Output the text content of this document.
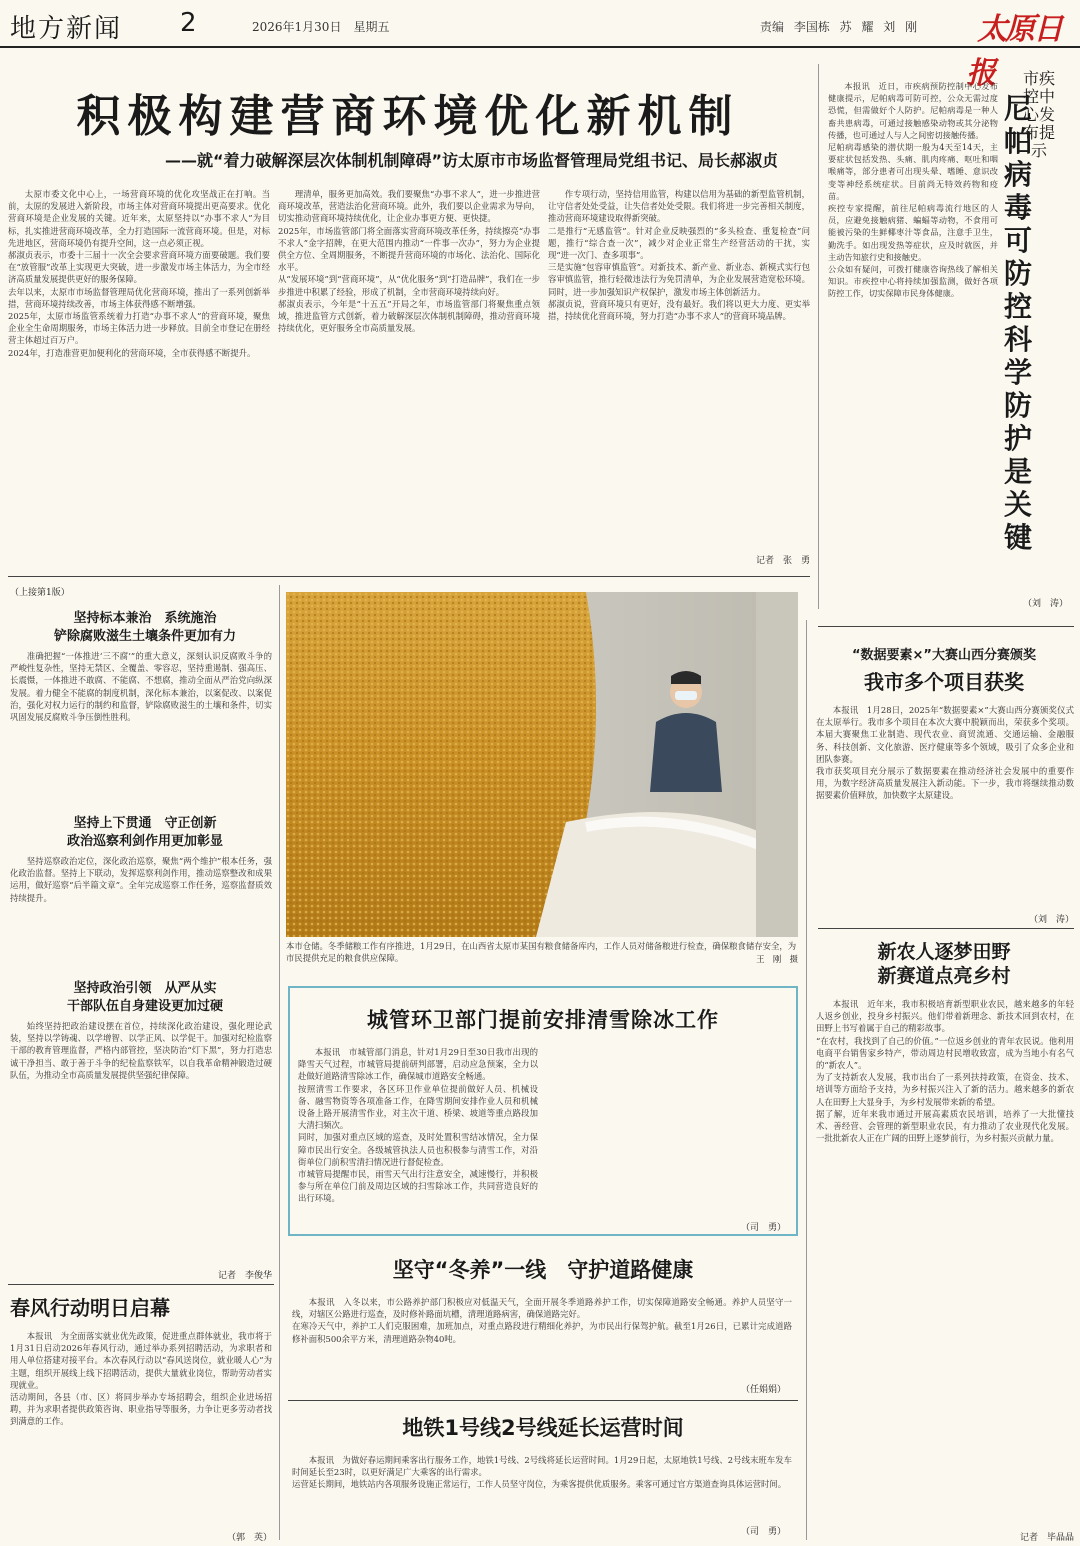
地方新闻 2	2026年1月30日　星期五	责编 李国栋 苏 耀 刘 刚	太原日报
积极构建营商环境优化新机制
——就“着力破解深层次体制机制障碍”访太原市市场监督管理局党组书记、局长郝淑贞
太原市委文化中心上，一场营商环境的优化攻坚战正在打响。当前，太原的发展进入新阶段，市场主体对营商环境提出更高要求。优化营商环境是企业发展的关键。近年来，太原坚持以“办事不求人”为目标，扎实推进营商环境改革，全力打造国际一流营商环境。但是，对标先进地区，营商环境仍有提升空间，这一点必须正视。
郝淑贞表示，市委十三届十一次全会要求营商环境方面要破题。我们要在“放管服”改革上实现更大突破，进一步激发市场主体活力，为全市经济高质量发展提供更好的服务保障。
去年以来，太原市市场监督管理局优化营商环境，推出了一系列创新举措，营商环境持续改善，市场主体获得感不断增强。
2025年，太原市场监管系统着力打造“办事不求人”的营商环境，聚焦企业全生命周期服务，市场主体活力进一步释放。目前全市登记在册经营主体超过百万户。
2024年，打造准营更加便利化的营商环境，全市获得感不断提升。
理清单，服务更加高效。我们要聚焦“办事不求人”，进一步推进营商环境改革，营造法治化营商环境。此外，我们要以企业需求为导向，切实推动营商环境持续优化，让企业办事更方便、更快捷。
2025年，市场监管部门将全面落实营商环境改革任务，持续擦亮“办事不求人”金字招牌，在更大范围内推动“一件事一次办”，努力为企业提供全方位、全周期服务，不断提升营商环境的市场化、法治化、国际化水平。
从“发展环境”到“营商环境”，从“优化服务”到“打造品牌”，我们在一步步推进中积累了经验，形成了机制，全市营商环境持续向好。
郝淑贞表示，今年是“十五五”开局之年，市场监管部门将聚焦重点领域，推进监管方式创新，着力破解深层次体制机制障碍，推动营商环境持续优化，更好服务全市高质量发展。
作专项行动，坚持信用监管，构建以信用为基础的新型监管机制，让守信者处处受益，让失信者处处受限。我们将进一步完善相关制度，推动营商环境建设取得新突破。
二是推行“无感监管”。针对企业反映强烈的“多头检查、重复检查”问题，推行“综合查一次”，减少对企业正常生产经营活动的干扰，实现“进一次门、查多项事”。
三是实施“包容审慎监管”。对新技术、新产业、新业态、新模式实行包容审慎监管，推行轻微违法行为免罚清单，为企业发展营造宽松环境。同时，进一步加强知识产权保护，激发市场主体创新活力。
郝淑贞说，营商环境只有更好，没有最好。我们将以更大力度、更实举措，持续优化营商环境，努力打造“办事不求人”的营商环境品牌。
记者　张　勇
本报讯　近日，市疾病预防控制中心发布健康提示，尼帕病毒可防可控，公众无需过度恐慌，但需做好个人防护。尼帕病毒是一种人畜共患病毒，可通过接触感染动物或其分泌物传播，也可通过人与人之间密切接触传播。
尼帕病毒感染的潜伏期一般为4天至14天，主要症状包括发热、头痛、肌肉疼痛、呕吐和咽喉痛等，部分患者可出现头晕、嗜睡、意识改变等神经系统症状。目前尚无特效药物和疫苗。
疾控专家提醒，前往尼帕病毒流行地区的人员，应避免接触病猪、蝙蝠等动物，不食用可能被污染的生鲜椰枣汁等食品，注意手卫生，勤洗手。如出现发热等症状，应及时就医，并主动告知旅行史和接触史。
公众如有疑问，可拨打健康咨询热线了解相关知识。市疾控中心将持续加强监测，做好各项防控工作，切实保障市民身体健康。
（刘　涛）
市疾控中心发布提示
尼帕病毒可防控　科学防护是关键
（上接第1版）
坚持标本兼治　系统施治
铲除腐败滋生土壤条件更加有力
准确把握“一体推进‘三不腐’”的重大意义，深刻认识反腐败斗争的严峻性复杂性，坚持无禁区、全覆盖、零容忍，坚持重遏制、强高压、长震慑，一体推进不敢腐、不能腐、不想腐，推动全面从严治党向纵深发展。着力健全不能腐的制度机制，深化标本兼治，以案促改、以案促治，强化对权力运行的制约和监督，铲除腐败滋生的土壤和条件，切实巩固发展反腐败斗争压倒性胜利。
坚持上下贯通　守正创新
政治巡察利剑作用更加彰显
坚持巡察政治定位，深化政治巡察，聚焦“两个维护”根本任务，强化政治监督。坚持上下联动，发挥巡察利剑作用，推动巡察整改和成果运用，做好巡察“后半篇文章”。全年完成巡察工作任务，巡察监督质效持续提升。
坚持政治引领　从严从实
干部队伍自身建设更加过硬
始终坚持把政治建设摆在首位，持续深化政治建设，强化理论武装，坚持以学铸魂、以学增智、以学正风、以学促干。加强对纪检监察干部的教育管理监督，严格内部管控，坚决防治“灯下黑”，努力打造忠诚干净担当、敢于善于斗争的纪检监察铁军，以自我革命精神锻造过硬队伍，为推动全市高质量发展提供坚强纪律保障。
记者　李俊华
本市仓储。冬季储粮工作有序推进，1月29日，在山西省太原市某国有粮食储备库内，工作人员对储备粮进行检查，确保粮食储存安全，为市民提供充足的粮食供应保障。	王　刚　摄
城管环卫部门提前安排清雪除冰工作
本报讯　市城管部门消息，针对1月29日至30日我市出现的降雪天气过程，市城管局提前研判部署，启动应急预案，全力以赴做好道路清雪除冰工作，确保城市道路安全畅通。
按照清雪工作要求，各区环卫作业单位提前做好人员、机械设备、融雪物资等各项准备工作，在降雪期间安排作业人员和机械设备上路开展清雪作业，对主次干道、桥梁、坡道等重点路段加大清扫频次。
同时，加强对重点区域的巡查，及时处置积雪结冰情况，全力保障市民出行安全。各级城管执法人员也积极参与清雪工作，对沿街单位门前积雪清扫情况进行督促检查。
市城管局提醒市民，雨雪天气出行注意安全，减速慢行，并积极参与所在单位门前及周边区域的扫雪除冰工作，共同营造良好的出行环境。
（司　勇）
坚守“冬养”一线　守护道路健康
本报讯　入冬以来，市公路养护部门积极应对低温天气，全面开展冬季道路养护工作，切实保障道路安全畅通。养护人员坚守一线，对辖区公路进行巡查，及时修补路面坑槽，清理道路病害，确保道路完好。
在寒冷天气中，养护工人们克服困难，加班加点，对重点路段进行精细化养护，为市民出行保驾护航。截至1月26日，已累计完成道路修补面积500余平方米，清理道路杂物40吨。
（任娟娟）
地铁1号线2号线延长运营时间
本报讯　为做好春运期间乘客出行服务工作，地铁1号线、2号线将延长运营时间。1月29日起，太原地铁1号线、2号线末班车发车时间延长至23时，以更好满足广大乘客的出行需求。
运营延长期间，地铁站内各项服务设施正常运行，工作人员坚守岗位，为乘客提供优质服务。乘客可通过官方渠道查询具体运营时间。
（司　勇）
春风行动明日启幕
本报讯　为全面落实就业优先政策，促进重点群体就业，我市将于1月31日启动2026年春风行动，通过举办系列招聘活动，为求职者和用人单位搭建对接平台。本次春风行动以“春风送岗位，就业暖人心”为主题，组织开展线上线下招聘活动，提供大量就业岗位，帮助劳动者实现就业。
活动期间，各县（市、区）将同步举办专场招聘会，组织企业进场招聘，并为求职者提供政策咨询、职业指导等服务，力争让更多劳动者找到满意的工作。
（郭　英）
“数据要素×”大赛山西分赛颁奖
我市多个项目获奖
本报讯　1月28日，2025年“数据要素×”大赛山西分赛颁奖仪式在太原举行。我市多个项目在本次大赛中脱颖而出，荣获多个奖项。本届大赛聚焦工业制造、现代农业、商贸流通、交通运输、金融服务、科技创新、文化旅游、医疗健康等多个领域，吸引了众多企业和团队参赛。
我市获奖项目充分展示了数据要素在推动经济社会发展中的重要作用，为数字经济高质量发展注入新动能。下一步，我市将继续推动数据要素价值释放，加快数字太原建设。
（刘　涛）
新农人逐梦田野
新赛道点亮乡村
本报讯　近年来，我市积极培育新型职业农民，越来越多的年轻人返乡创业，投身乡村振兴。他们带着新理念、新技术回到农村，在田野上书写着属于自己的精彩故事。
“在农村，我找到了自己的价值。”一位返乡创业的青年农民说。他利用电商平台销售家乡特产，带动周边村民增收致富，成为当地小有名气的“新农人”。
为了支持新农人发展，我市出台了一系列扶持政策，在资金、技术、培训等方面给予支持，为乡村振兴注入了新的活力。越来越多的新农人在田野上大显身手，为乡村发展带来新的希望。
据了解，近年来我市通过开展高素质农民培训，培养了一大批懂技术、善经营、会管理的新型职业农民，有力推动了农业现代化发展。一批批新农人正在广阔的田野上逐梦前行，为乡村振兴贡献力量。
记者　毕晶晶
